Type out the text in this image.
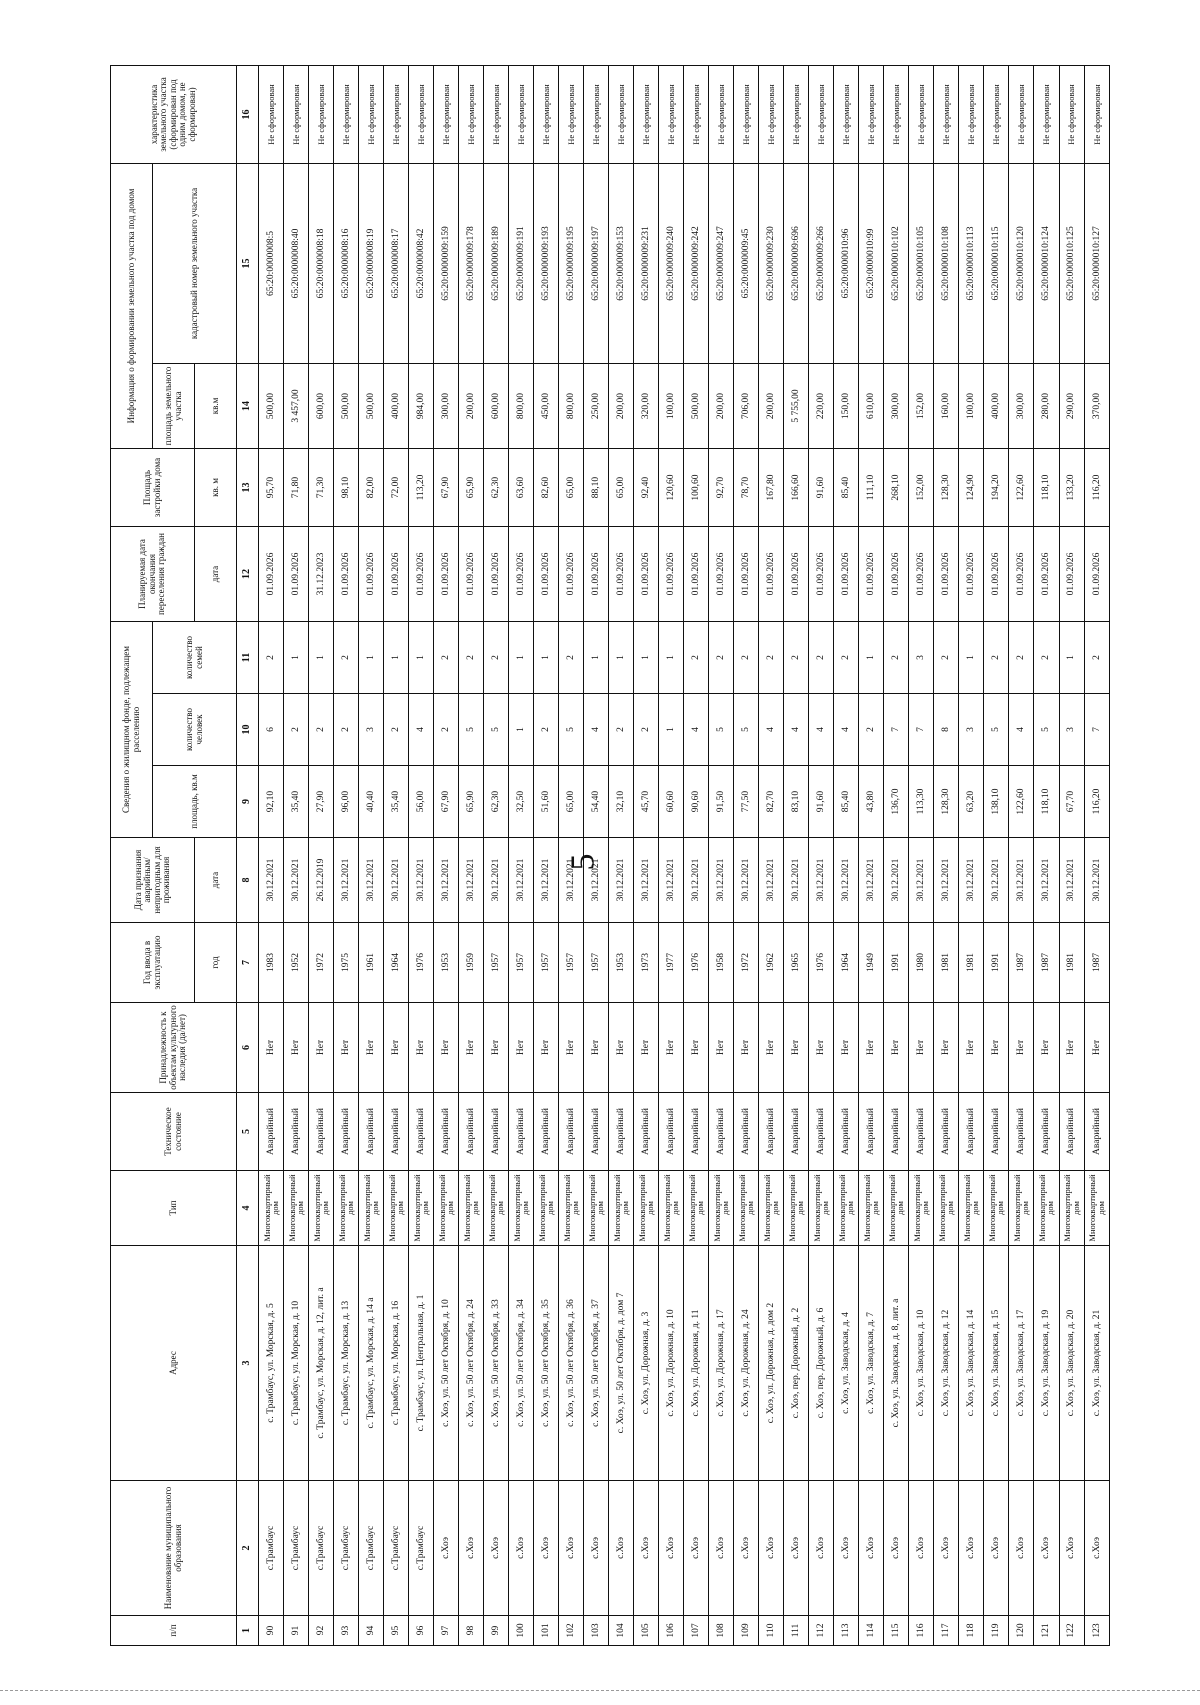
5
п/п	Наименование муниципального образования	Адрес	Тип	Техническое состояние	Принадлежность к объектам культурного наследия (да/нет)	Год ввода в эксплуатацию	Дата признания аварийным/непригодным для проживания	Сведения о жилищном фонде, подлежащем расселению			Планируемая дата окончания переселения граждан	Площадь застройки дома	Информация о формировании земельного участка под домом		характеристика земельного участка (сформирован под одним домом, не сформирован)
								площадь, кв.м	количество человек	количество семей			площадь земельного участка	кадастровый номер земельного участка	
						год	дата				дата	кв. м	кв.м		
1	2	3	4	5	6	7	8	9	10	11	12	13	14	15	16
90	с.Трамбаус	с. Трамбаус, ул. Морская, д. 5	Многоквартирный дом	Аварийный	Нет	1983	30.12.2021	92,10	6	2	01.09.2026	95,70	500,00	65:20:0000008:5	Не сформирован
91	с.Трамбаус	с. Трамбаус, ул. Морская, д. 10	Многоквартирный дом	Аварийный	Нет	1952	30.12.2021	35,40	2	1	01.09.2026	71,80	3 457,00	65:20:0000008:40	Не сформирован
92	с.Трамбаус	с. Трамбаус, ул. Морская, д. 12, лит. а	Многоквартирный дом	Аварийный	Нет	1972	26.12.2019	27,90	2	1	31.12.2023	71,30	600,00	65:20:0000008:18	Не сформирован
93	с.Трамбаус	с. Трамбаус, ул. Морская, д. 13	Многоквартирный дом	Аварийный	Нет	1975	30.12.2021	96,00	2	2	01.09.2026	98,10	500,00	65:20:0000008:16	Не сформирован
94	с.Трамбаус	с. Трамбаус, ул. Морская, д. 14 а	Многоквартирный дом	Аварийный	Нет	1961	30.12.2021	40,40	3	1	01.09.2026	82,00	500,00	65:20:0000008:19	Не сформирован
95	с.Трамбаус	с. Трамбаус, ул. Морская, д. 16	Многоквартирный дом	Аварийный	Нет	1964	30.12.2021	35,40	2	1	01.09.2026	72,00	400,00	65:20:0000008:17	Не сформирован
96	с.Трамбаус	с. Трамбаус, ул. Центральная, д. 1	Многоквартирный дом	Аварийный	Нет	1976	30.12.2021	56,00	4	1	01.09.2026	113,20	984,00	65:20:0000008:42	Не сформирован
97	с.Хоэ	с. Хоэ, ул. 50 лет Октября, д. 10	Многоквартирный дом	Аварийный	Нет	1953	30.12.2021	67,90	2	2	01.09.2026	67,90	300,00	65:20:0000009:159	Не сформирован
98	с.Хоэ	с. Хоэ, ул. 50 лет Октября, д. 24	Многоквартирный дом	Аварийный	Нет	1959	30.12.2021	65,90	5	2	01.09.2026	65,90	200,00	65:20:0000009:178	Не сформирован
99	с.Хоэ	с. Хоэ, ул. 50 лет Октября, д. 33	Многоквартирный дом	Аварийный	Нет	1957	30.12.2021	62,30	5	2	01.09.2026	62,30	600,00	65:20:0000009:189	Не сформирован
100	с.Хоэ	с. Хоэ, ул. 50 лет Октября, д. 34	Многоквартирный дом	Аварийный	Нет	1957	30.12.2021	32,50	1	1	01.09.2026	63,60	800,00	65:20:0000009:191	Не сформирован
101	с.Хоэ	с. Хоэ, ул. 50 лет Октября, д. 35	Многоквартирный дом	Аварийный	Нет	1957	30.12.2021	51,60	2	1	01.09.2026	82,60	450,00	65:20:0000009:193	Не сформирован
102	с.Хоэ	с. Хоэ, ул. 50 лет Октября, д. 36	Многоквартирный дом	Аварийный	Нет	1957	30.12.2021	65,00	5	2	01.09.2026	65,00	800,00	65:20:0000009:195	Не сформирован
103	с.Хоэ	с. Хоэ, ул. 50 лет Октября, д. 37	Многоквартирный дом	Аварийный	Нет	1957	30.12.2021	54,40	4	1	01.09.2026	88,10	250,00	65:20:0000009:197	Не сформирован
104	с.Хоэ	с. Хоэ, ул. 50 лет Октября, д. дом 7	Многоквартирный дом	Аварийный	Нет	1953	30.12.2021	32,10	2	1	01.09.2026	65,00	200,00	65:20:0000009:153	Не сформирован
105	с.Хоэ	с. Хоэ, ул. Дорожная, д. 3	Многоквартирный дом	Аварийный	Нет	1973	30.12.2021	45,70	2	1	01.09.2026	92,40	320,00	65:20:0000009:231	Не сформирован
106	с.Хоэ	с. Хоэ, ул. Дорожная, д. 10	Многоквартирный дом	Аварийный	Нет	1977	30.12.2021	60,60	1	1	01.09.2026	120,60	100,00	65:20:0000009:240	Не сформирован
107	с.Хоэ	с. Хоэ, ул. Дорожная, д. 11	Многоквартирный дом	Аварийный	Нет	1976	30.12.2021	90,60	4	2	01.09.2026	100,60	500,00	65:20:0000009:242	Не сформирован
108	с.Хоэ	с. Хоэ, ул. Дорожная, д. 17	Многоквартирный дом	Аварийный	Нет	1958	30.12.2021	91,50	5	2	01.09.2026	92,70	200,00	65:20:0000009:247	Не сформирован
109	с.Хоэ	с. Хоэ, ул. Дорожная, д. 24	Многоквартирный дом	Аварийный	Нет	1972	30.12.2021	77,50	5	2	01.09.2026	78,70	706,00	65:20:0000009:45	Не сформирован
110	с.Хоэ	с. Хоэ, ул. Дорожная, д. дом 2	Многоквартирный дом	Аварийный	Нет	1962	30.12.2021	82,70	4	2	01.09.2026	167,80	200,00	65:20:0000009:230	Не сформирован
111	с.Хоэ	с. Хоэ, пер. Дорожный, д. 2	Многоквартирный дом	Аварийный	Нет	1965	30.12.2021	83,10	4	2	01.09.2026	166,60	5 755,00	65:20:0000009:696	Не сформирован
112	с.Хоэ	с. Хоэ, пер. Дорожный, д. 6	Многоквартирный дом	Аварийный	Нет	1976	30.12.2021	91,60	4	2	01.09.2026	91,60	220,00	65:20:0000009:266	Не сформирован
113	с.Хоэ	с. Хоэ, ул. Заводская, д. 4	Многоквартирный дом	Аварийный	Нет	1964	30.12.2021	85,40	4	2	01.09.2026	85,40	150,00	65:20:0000010:96	Не сформирован
114	с.Хоэ	с. Хоэ, ул. Заводская, д. 7	Многоквартирный дом	Аварийный	Нет	1949	30.12.2021	43,80	2	1	01.09.2026	111,10	610,00	65:20:0000010:99	Не сформирован
115	с.Хоэ	с. Хоэ, ул. Заводская, д. 8, лит. а	Многоквартирный дом	Аварийный	Нет	1991	30.12.2021	136,70	7	2	01.09.2026	268,10	300,00	65:20:0000010:102	Не сформирован
116	с.Хоэ	с. Хоэ, ул. Заводская, д. 10	Многоквартирный дом	Аварийный	Нет	1980	30.12.2021	113,30	7	3	01.09.2026	152,00	152,00	65:20:0000010:105	Не сформирован
117	с.Хоэ	с. Хоэ, ул. Заводская, д. 12	Многоквартирный дом	Аварийный	Нет	1981	30.12.2021	128,30	8	2	01.09.2026	128,30	160,00	65:20:0000010:108	Не сформирован
118	с.Хоэ	с. Хоэ, ул. Заводская, д. 14	Многоквартирный дом	Аварийный	Нет	1981	30.12.2021	63,20	3	1	01.09.2026	124,90	100,00	65:20:0000010:113	Не сформирован
119	с.Хоэ	с. Хоэ, ул. Заводская, д. 15	Многоквартирный дом	Аварийный	Нет	1991	30.12.2021	138,10	5	2	01.09.2026	194,20	400,00	65:20:0000010:115	Не сформирован
120	с.Хоэ	с. Хоэ, ул. Заводская, д. 17	Многоквартирный дом	Аварийный	Нет	1987	30.12.2021	122,60	4	2	01.09.2026	122,60	300,00	65:20:0000010:120	Не сформирован
121	с.Хоэ	с. Хоэ, ул. Заводская, д. 19	Многоквартирный дом	Аварийный	Нет	1987	30.12.2021	118,10	5	2	01.09.2026	118,10	280,00	65:20:0000010:124	Не сформирован
122	с.Хоэ	с. Хоэ, ул. Заводская, д. 20	Многоквартирный дом	Аварийный	Нет	1981	30.12.2021	67,70	3	1	01.09.2026	133,20	290,00	65:20:0000010:125	Не сформирован
123	с.Хоэ	с. Хоэ, ул. Заводская, д. 21	Многоквартирный дом	Аварийный	Нет	1987	30.12.2021	116,20	7	2	01.09.2026	116,20	370,00	65:20:0000010:127	Не сформирован
